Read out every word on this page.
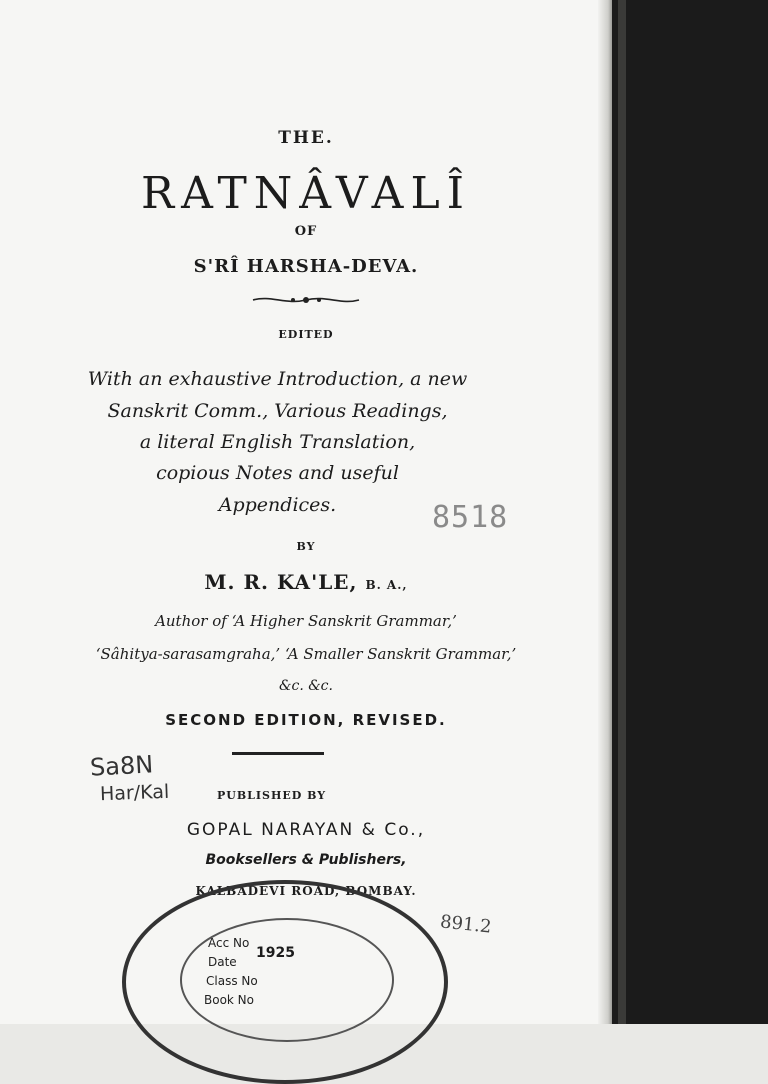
THE.
RATNÂVALÎ
OF
S'RÎ HARSHA-DEVA.
EDITED
With an exhaustive Introduction, a new
Sanskrit Comm., Various Readings,
a literal English Translation,
copious Notes and useful
Appendices.
BY
M. R. KA'LE, B. A.,
Author of ‘A Higher Sanskrit Grammar,’
‘Sâhitya-sarasamgraha,’ ‘A Smaller Sanskrit Grammar,’
&c. &c.
SECOND EDITION, REVISED.
Sa8N
Har/Kal	PUBLISHED BY
GOPAL NARAYAN & Co.,
Booksellers & Publishers,
KALBADEVI ROAD, BOMBAY.
8518
891.2
Acc No
Date
Class No
Book No
1925
